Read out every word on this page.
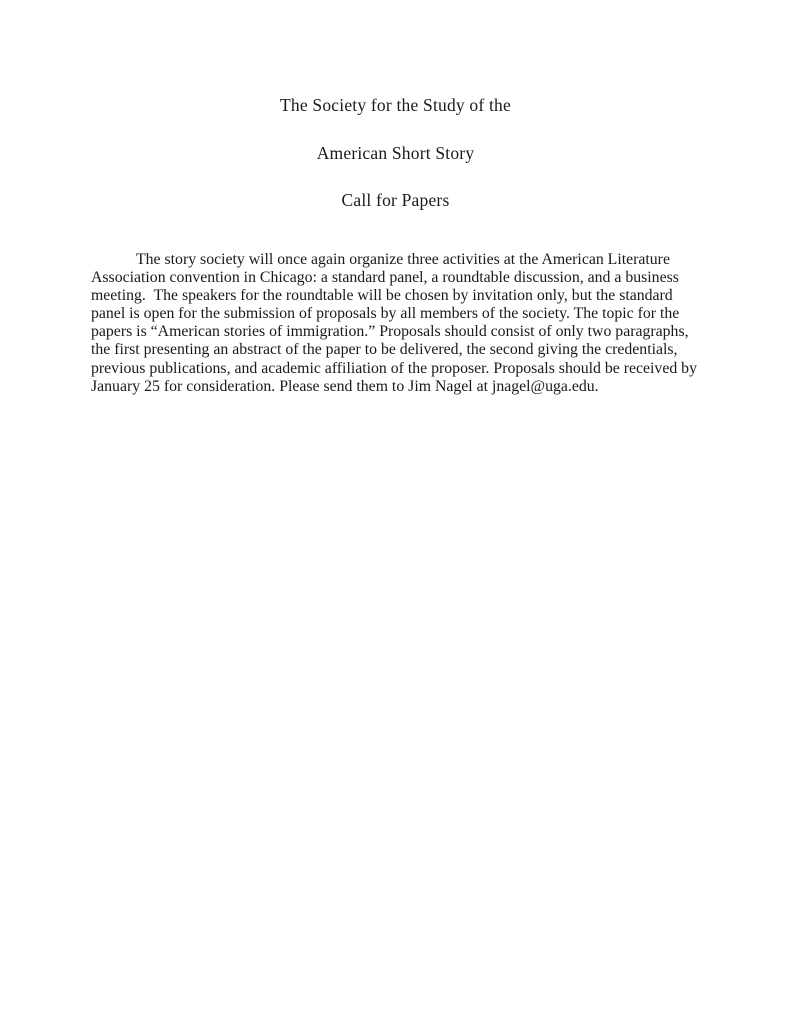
The Society for the Study of the
American Short Story
Call for Papers
The story society will once again organize three activities at the American Literature Association convention in Chicago: a standard panel, a roundtable discussion, and a business meeting.  The speakers for the roundtable will be chosen by invitation only, but the standard panel is open for the submission of proposals by all members of the society. The topic for the papers is “American stories of immigration.” Proposals should consist of only two paragraphs, the first presenting an abstract of the paper to be delivered, the second giving the credentials, previous publications, and academic affiliation of the proposer. Proposals should be received by January 25 for consideration. Please send them to Jim Nagel at jnagel@uga.edu.
